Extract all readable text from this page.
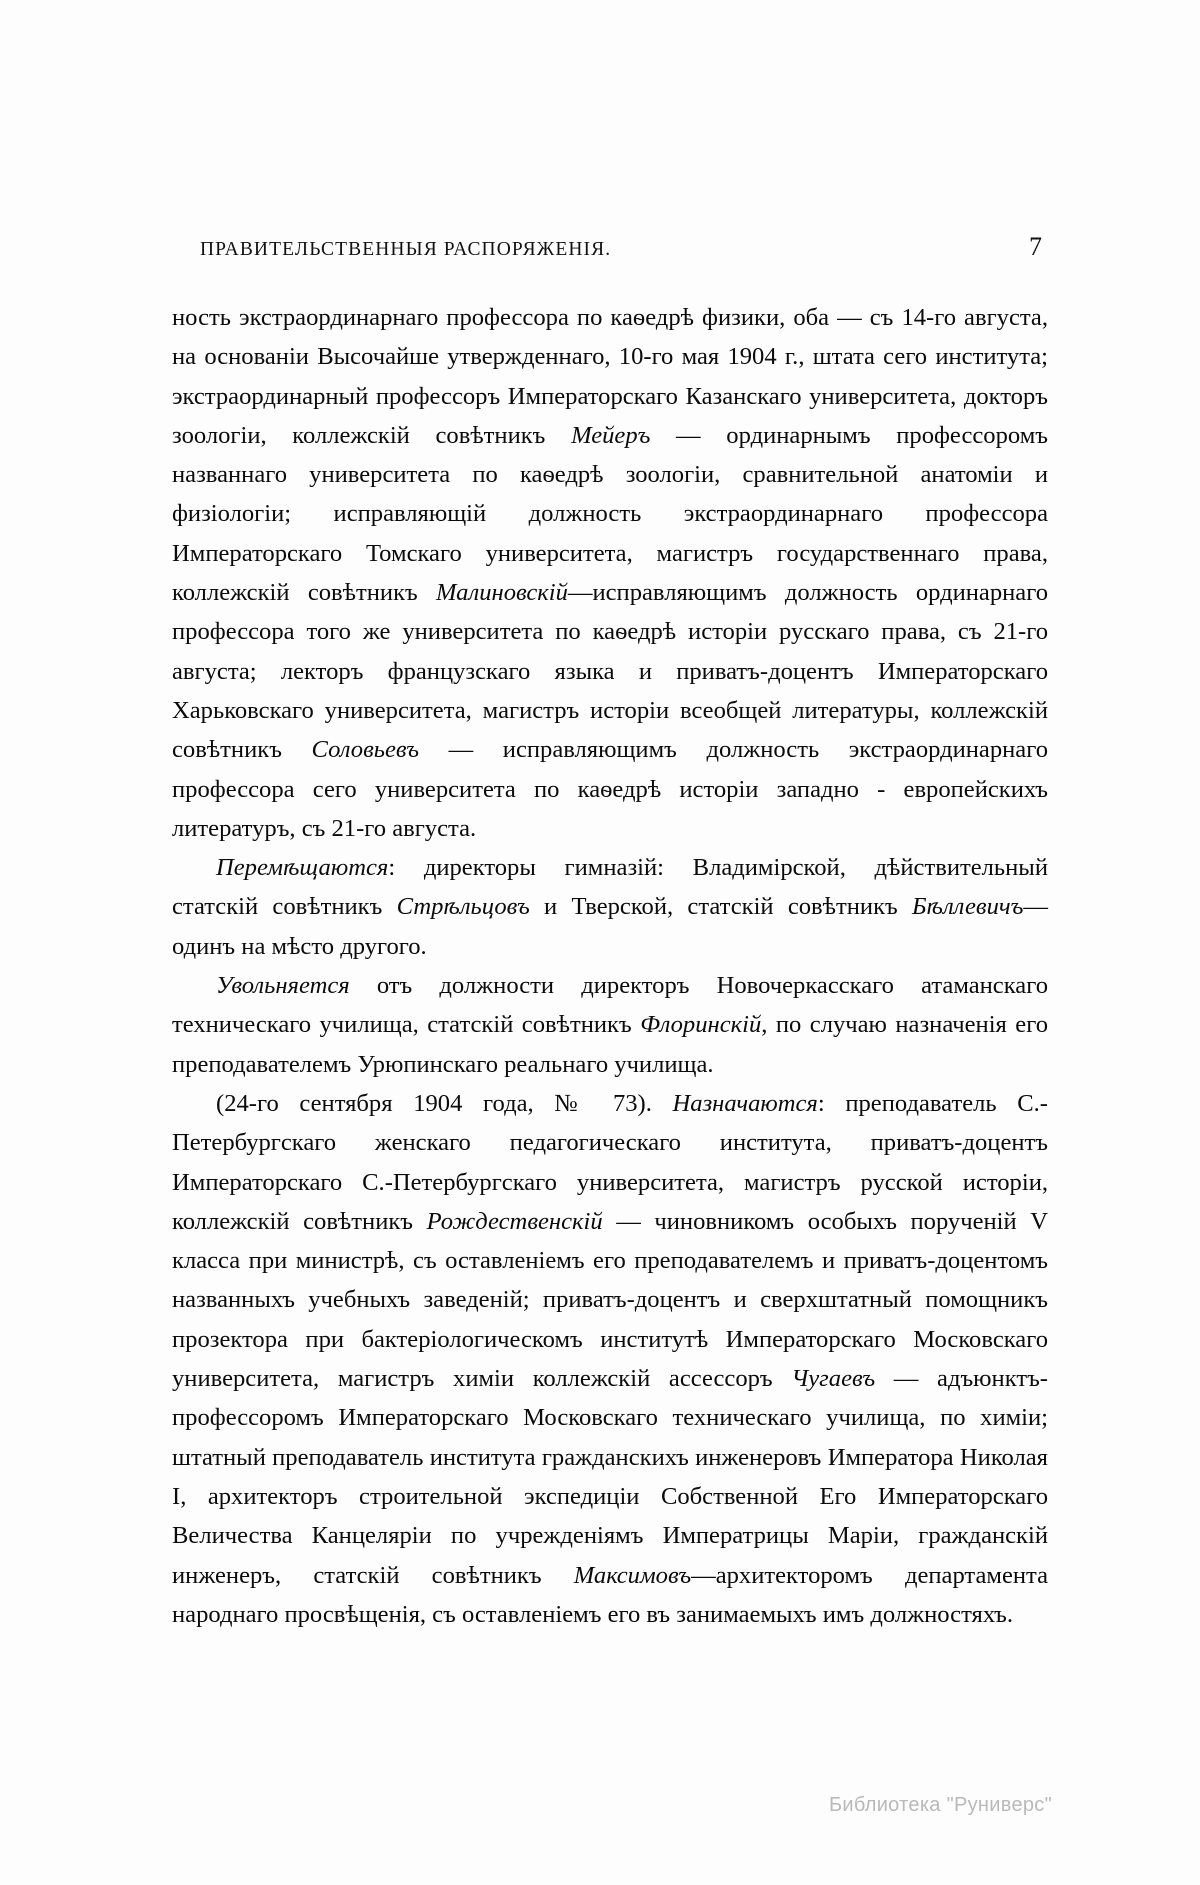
ПРАВИТЕЛЬСТВЕННЫЯ РАСПОРЯЖЕНІЯ.	7

ность экстраординарнаго профессора по каѳедрѣ физики, оба — съ 14-го августа, на основаніи Высочайше утвержденнаго, 10-го мая 1904 г., штата сего института; экстраординарный профессоръ Императорскаго Казанскаго университета, докторъ зоологіи, коллежскій совѣтникъ Мейеръ — ординарнымъ профессоромъ названнаго университета по каѳедрѣ зоологіи, сравнительной анатоміи и физіологіи; исправляющій должность экстраординарнаго профессора Императорскаго Томскаго университета, магистръ государственнаго права, коллежскій совѣтникъ Малиновскій—исправляющимъ должность ординарнаго профессора того же университета по каѳедрѣ исторіи русскаго права, съ 21-го августа; лекторъ французскаго языка и приватъ-доцентъ Императорскаго Харьковскаго университета, магистръ исторіи всеобщей литературы, коллежскій совѣтникъ Соловьевъ — исправляющимъ должность экстраординарнаго профессора сего университета по каѳедрѣ исторіи западно - европейскихъ литературъ, съ 21-го августа.

Перемѣщаются: директоры гимназій: Владимірской, дѣйствительный статскій совѣтникъ Стрѣльцовъ и Тверской, статскій совѣтникъ Бѣллевичъ—одинъ на мѣсто другого.

Увольняется отъ должности директоръ Новочеркасскаго атаманскаго техническаго училища, статскій совѣтникъ Флоринскій, по случаю назначенія его преподавателемъ Урюпинскаго реальнаго училища.

(24-го сентября 1904 года, № 73). Назначаются: преподаватель С.-Петербургскаго женскаго педагогическаго института, приватъ-доцентъ Императорскаго С.-Петербургскаго университета, магистръ русской исторіи, коллежскій совѣтникъ Рождественскій — чиновникомъ особыхъ порученій V класса при министрѣ, съ оставленіемъ его преподавателемъ и приватъ-доцентомъ названныхъ учебныхъ заведеній; приватъ-доцентъ и сверхштатный помощникъ прозектора при бактеріологическомъ институтѣ Императорскаго Московскаго университета, магистръ химіи коллежскій ассессоръ Чугаевъ — адъюнктъ-профессоромъ Императорскаго Московскаго техническаго училища, по химіи; штатный преподаватель института гражданскихъ инженеровъ Императора Николая I, архитекторъ строительной экспедиціи Собственной Его Императорскаго Величества Канцеляріи по учрежденіямъ Императрицы Маріи, гражданскій инженеръ, статскій совѣтникъ Максимовъ—архитекторомъ департамента народнаго просвѣщенія, съ оставленіемъ его въ занимаемыхъ имъ должностяхъ.

Библиотека "Руниверс"
